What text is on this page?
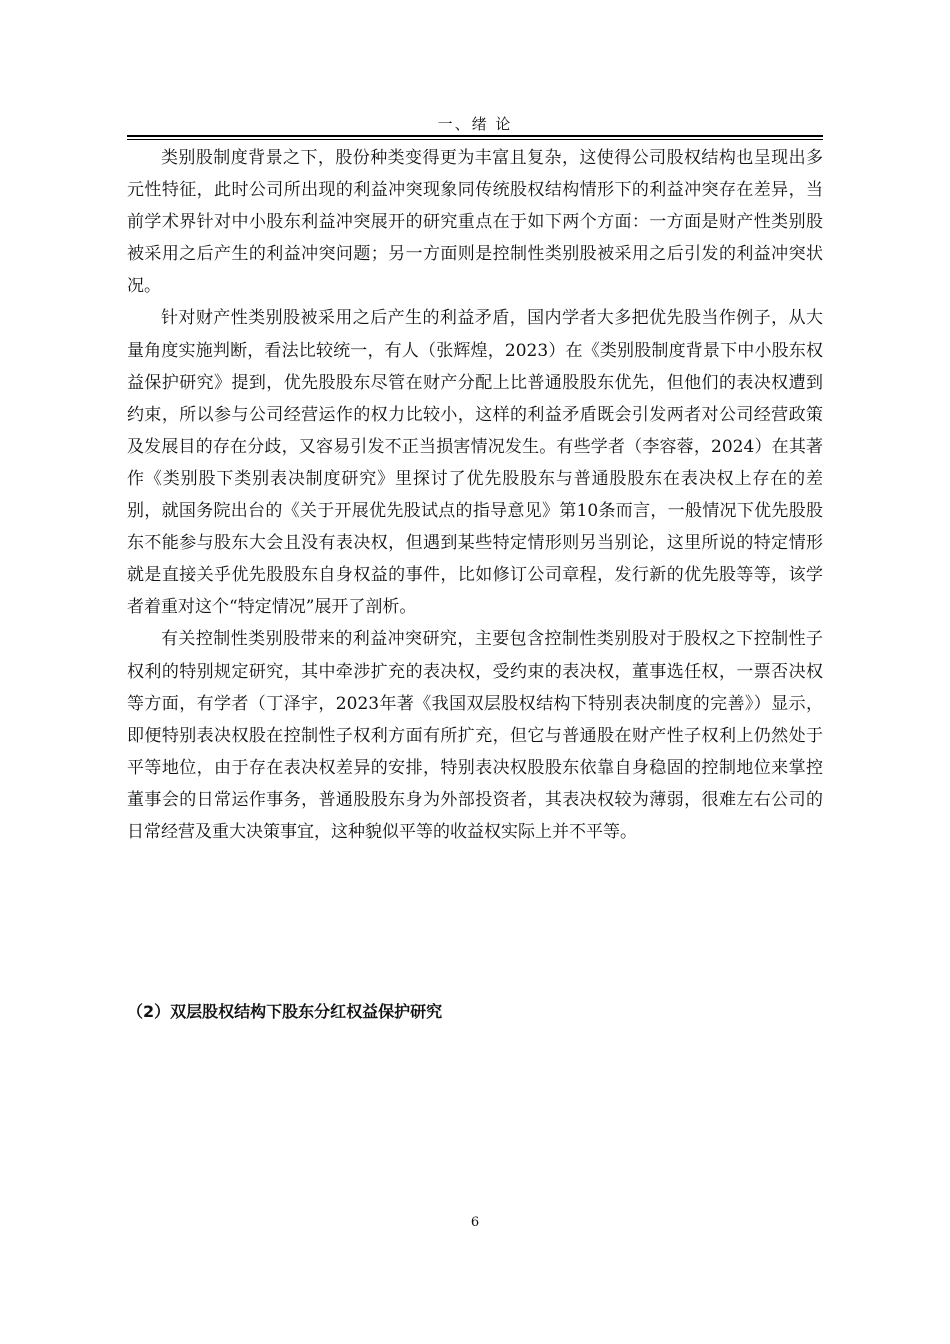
一、绪 论

类别股制度背景之下，股份种类变得更为丰富且复杂，这使得公司股权结构也呈现出多元性特征，此时公司所出现的利益冲突现象同传统股权结构情形下的利益冲突存在差异，当前学术界针对中小股东利益冲突展开的研究重点在于如下两个方面：一方面是财产性类别股被采用之后产生的利益冲突问题；另一方面则是控制性类别股被采用之后引发的利益冲突状况。

针对财产性类别股被采用之后产生的利益矛盾，国内学者大多把优先股当作例子，从大量角度实施判断，看法比较统一，有人（张辉煌，2023）在《类别股制度背景下中小股东权益保护研究》提到，优先股股东尽管在财产分配上比普通股股东优先，但他们的表决权遭到约束，所以参与公司经营运作的权力比较小，这样的利益矛盾既会引发两者对公司经营政策及发展目的存在分歧，又容易引发不正当损害情况发生。有些学者（李容蓉，2024）在其著作《类别股下类别表决制度研究》里探讨了优先股股东与普通股股东在表决权上存在的差别，就国务院出台的《关于开展优先股试点的指导意见》第10条而言，一般情况下优先股股东不能参与股东大会且没有表决权，但遇到某些特定情形则另当别论，这里所说的特定情形就是直接关乎优先股股东自身权益的事件，比如修订公司章程，发行新的优先股等等，该学者着重对这个“特定情况”展开了剖析。

有关控制性类别股带来的利益冲突研究，主要包含控制性类别股对于股权之下控制性子权利的特别规定研究，其中牵涉扩充的表决权，受约束的表决权，董事选任权，一票否决权等方面，有学者（丁泽宇，2023年著《我国双层股权结构下特别表决制度的完善》）显示，即便特别表决权股在控制性子权利方面有所扩充，但它与普通股在财产性子权利上仍然处于平等地位，由于存在表决权差异的安排，特别表决权股股东依靠自身稳固的控制地位来掌控董事会的日常运作事务，普通股股东身为外部投资者，其表决权较为薄弱，很难左右公司的日常经营及重大决策事宜，这种貌似平等的收益权实际上并不平等。

（2）双层股权结构下股东分红权益保护研究
6
